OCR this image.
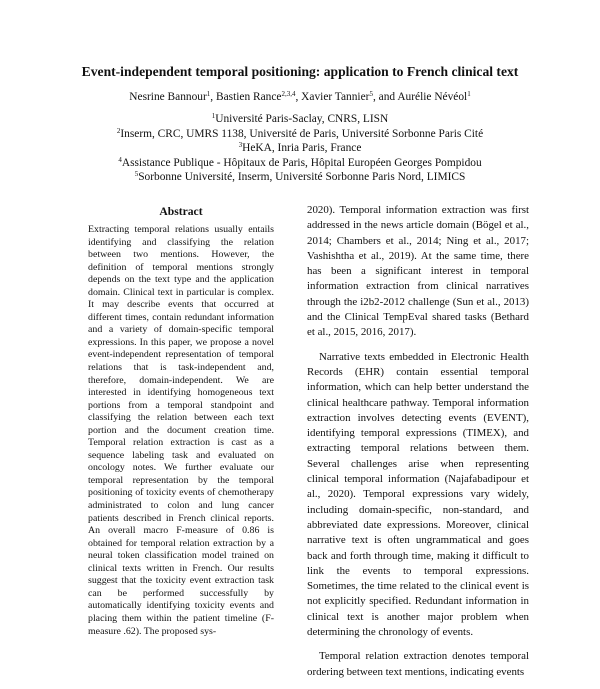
Event-independent temporal positioning: application to French clinical text
Nesrine Bannour$^1$, Bastien Rance$^{2,3,4}$, Xavier Tannier$^5$, and Aurélie Névéol$^1$
$^1$Université Paris-Saclay, CNRS, LISN
$^2$Inserm, CRC, UMRS 1138, Université de Paris, Université Sorbonne Paris Cité
$^3$HeKA, Inria Paris, France
$^4$Assistance Publique - Hôpitaux de Paris, Hôpital Européen Georges Pompidou
$^5$Sorbonne Université, Inserm, Université Sorbonne Paris Nord, LIMICS
Abstract
Extracting temporal relations usually entails identifying and classifying the relation between two mentions. However, the definition of temporal mentions strongly depends on the text type and the application domain. Clinical text in particular is complex. It may describe events that occurred at different times, contain redundant information and a variety of domain-specific temporal expressions. In this paper, we propose a novel event-independent representation of temporal relations that is task-independent and, therefore, domain-independent. We are interested in identifying homogeneous text portions from a temporal standpoint and classifying the relation between each text portion and the document creation time. Temporal relation extraction is cast as a sequence labeling task and evaluated on oncology notes. We further evaluate our temporal representation by the temporal positioning of toxicity events of chemotherapy administrated to colon and lung cancer patients described in French clinical reports. An overall macro F-measure of 0.86 is obtained for temporal relation extraction by a neural token classification model trained on clinical texts written in French. Our results suggest that the toxicity event extraction task can be performed successfully by automatically identifying toxicity events and placing them within the patient timeline (F-measure .62). The proposed sys-

2020). Temporal information extraction was first addressed in the news article domain (Bögel et al., 2014; Chambers et al., 2014; Ning et al., 2017; Vashishtha et al., 2019). At the same time, there has been a significant interest in temporal information extraction from clinical narratives through the i2b2-2012 challenge (Sun et al., 2013) and the Clinical TempEval shared tasks (Bethard et al., 2015, 2016, 2017).

Narrative texts embedded in Electronic Health Records (EHR) contain essential temporal information, which can help better understand the clinical healthcare pathway. Temporal information extraction involves detecting events (EVENT), identifying temporal expressions (TIMEX), and extracting temporal relations between them. Several challenges arise when representing clinical temporal information (Najafabadipour et al., 2020). Temporal expressions vary widely, including domain-specific, non-standard, and abbreviated date expressions. Moreover, clinical narrative text is often ungrammatical and goes back and forth through time, making it difficult to link the events to temporal expressions. Sometimes, the time related to the clinical event is not explicitly specified. Redundant information in clinical text is another major problem when determining the chronology of events.

Temporal relation extraction denotes temporal ordering between text mentions, indicating events
